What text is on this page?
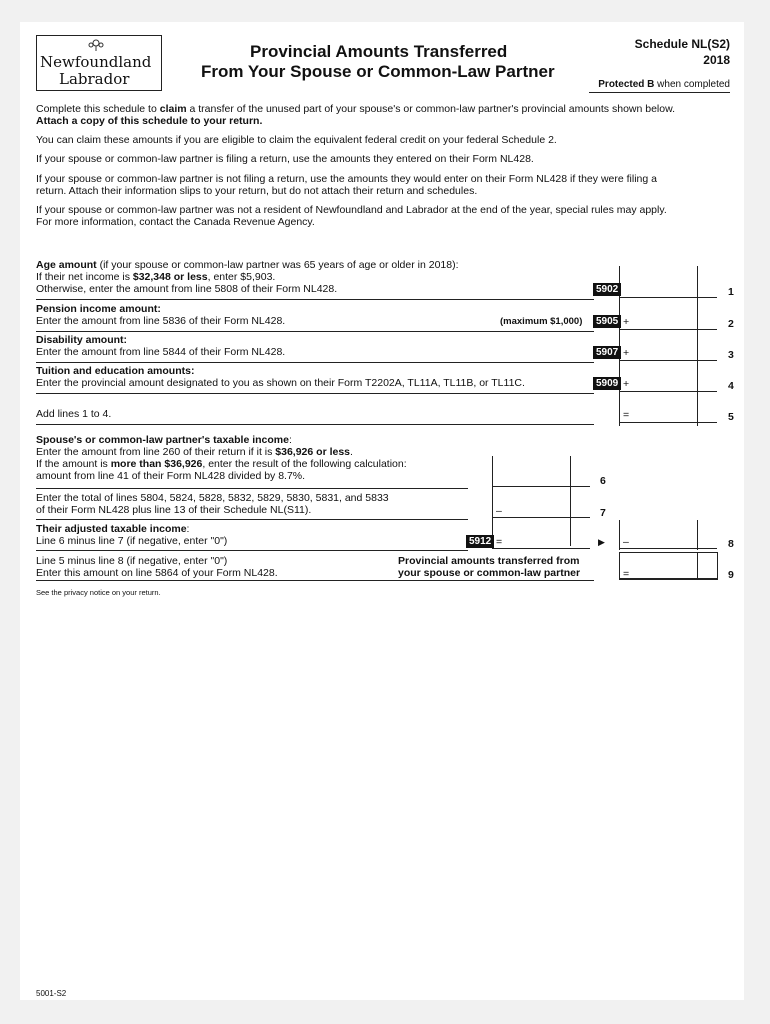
Newfoundland
Labrador
Provincial Amounts Transferred
From Your Spouse or Common-Law Partner
Schedule NL(S2)
2018
Protected B when completed
Complete this schedule to claim a transfer of the unused part of your spouse's or common-law partner's provincial amounts shown below.
Attach a copy of this schedule to your return.
You can claim these amounts if you are eligible to claim the equivalent federal credit on your federal Schedule 2.
If your spouse or common-law partner is filing a return, use the amounts they entered on their Form NL428.
If your spouse or common-law partner is not filing a return, use the amounts they would enter on their Form NL428 if they were filing a
return. Attach their information slips to your return, but do not attach their return and schedules.
If your spouse or common-law partner was not a resident of Newfoundland and Labrador at the end of the year, special rules may apply.
For more information, contact the Canada Revenue Agency.
Age amount (if your spouse or common-law partner was 65 years of age or older in 2018):
If their net income is $32,348 or less, enter $5,903.
Otherwise, enter the amount from line 5808 of their Form NL428.	5902	1
Pension income amount:
Enter the amount from line 5836 of their Form NL428.	(maximum $1,000)	5905 +	2
Disability amount:
Enter the amount from line 5844 of their Form NL428.	5907 +	3
Tuition and education amounts:
Enter the provincial amount designated to you as shown on their Form T2202A, TL11A, TL11B, or TL11C.	5909 +	4
Add lines 1 to 4.	=	5
Spouse's or common-law partner's taxable income:
Enter the amount from line 260 of their return if it is $36,926 or less.
If the amount is more than $36,926, enter the result of the following calculation:
amount from line 41 of their Form NL428 divided by 8.7%.	6
Enter the total of lines 5804, 5824, 5828, 5832, 5829, 5830, 5831, and 5833
of their Form NL428 plus line 13 of their Schedule NL(S11).	–	7
Their adjusted taxable income:
Line 6 minus line 7 (if negative, enter "0")	5912 =	▶ –	8
Line 5 minus line 8 (if negative, enter "0")
Enter this amount on line 5864 of your Form NL428.
Provincial amounts transferred from
your spouse or common-law partner	=	9
See the privacy notice on your return.
5001-S2
